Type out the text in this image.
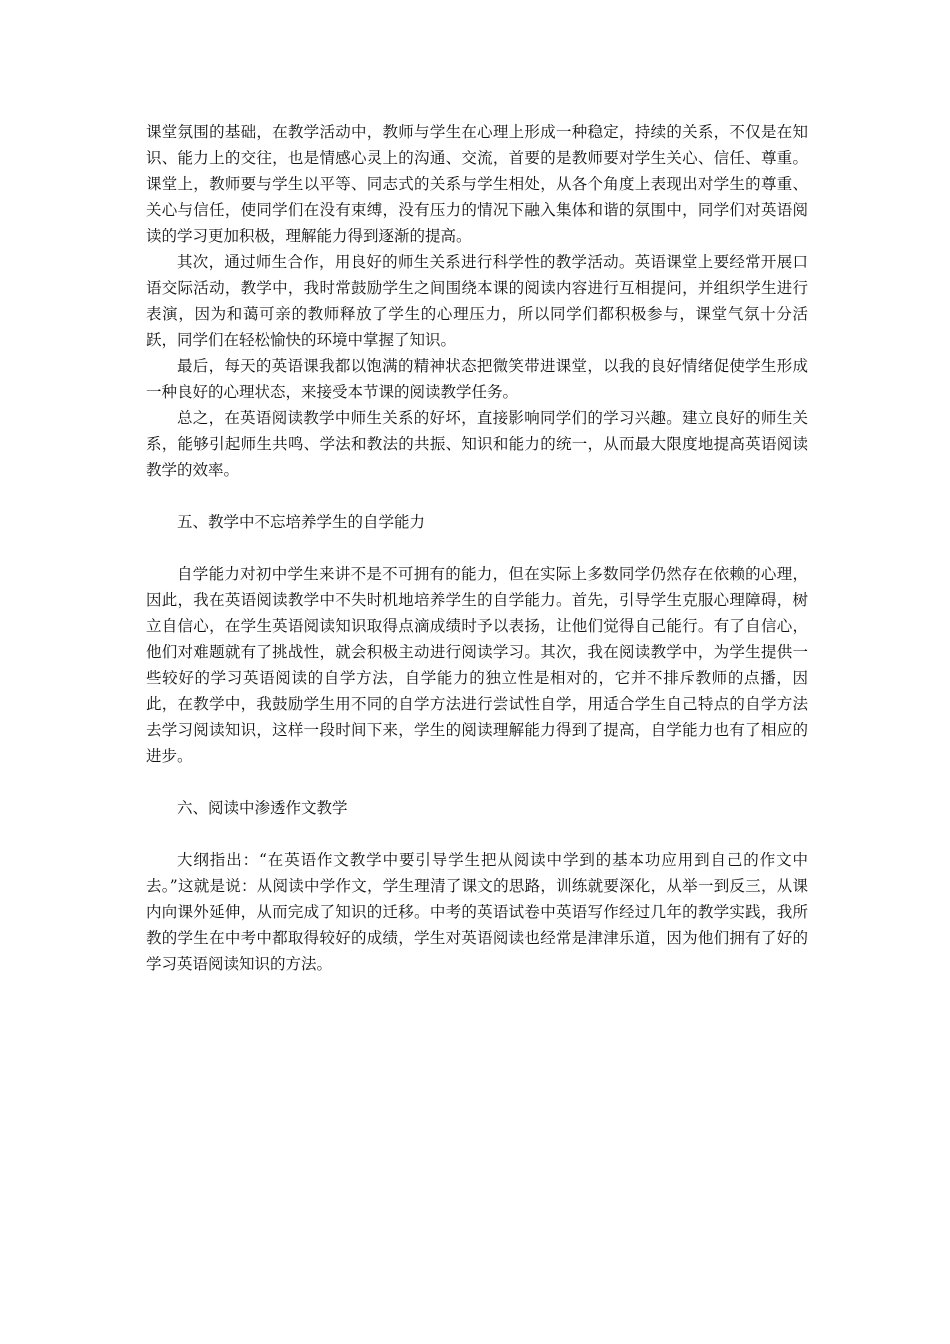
课堂氛围的基础，在教学活动中，教师与学生在心理上形成一种稳定，持续的关系，不仅是在知识、能力上的交往，也是情感心灵上的沟通、交流，首要的是教师要对学生关心、信任、尊重。课堂上，教师要与学生以平等、同志式的关系与学生相处，从各个角度上表现出对学生的尊重、关心与信任，使同学们在没有束缚，没有压力的情况下融入集体和谐的氛围中，同学们对英语阅读的学习更加积极，理解能力得到逐渐的提高。

其次，通过师生合作，用良好的师生关系进行科学性的教学活动。英语课堂上要经常开展口语交际活动，教学中，我时常鼓励学生之间围绕本课的阅读内容进行互相提问，并组织学生进行表演，因为和蔼可亲的教师释放了学生的心理压力，所以同学们都积极参与，课堂气氛十分活跃，同学们在轻松愉快的环境中掌握了知识。

最后，每天的英语课我都以饱满的精神状态把微笑带进课堂，以我的良好情绪促使学生形成一种良好的心理状态，来接受本节课的阅读教学任务。

总之，在英语阅读教学中师生关系的好坏，直接影响同学们的学习兴趣。建立良好的师生关系，能够引起师生共鸣、学法和教法的共振、知识和能力的统一，从而最大限度地提高英语阅读教学的效率。

五、教学中不忘培养学生的自学能力

自学能力对初中学生来讲不是不可拥有的能力，但在实际上多数同学仍然存在依赖的心理，因此，我在英语阅读教学中不失时机地培养学生的自学能力。首先，引导学生克服心理障碍，树立自信心，在学生英语阅读知识取得点滴成绩时予以表扬，让他们觉得自己能行。有了自信心，他们对难题就有了挑战性，就会积极主动进行阅读学习。其次，我在阅读教学中，为学生提供一些较好的学习英语阅读的自学方法，自学能力的独立性是相对的，它并不排斥教师的点播，因此，在教学中，我鼓励学生用不同的自学方法进行尝试性自学，用适合学生自己特点的自学方法去学习阅读知识，这样一段时间下来，学生的阅读理解能力得到了提高，自学能力也有了相应的进步。

六、阅读中渗透作文教学

大纲指出：“在英语作文教学中要引导学生把从阅读中学到的基本功应用到自己的作文中去。”这就是说：从阅读中学作文，学生理清了课文的思路，训练就要深化，从举一到反三，从课内向课外延伸，从而完成了知识的迁移。中考的英语试卷中英语写作经过几年的教学实践，我所教的学生在中考中都取得较好的成绩，学生对英语阅读也经常是津津乐道，因为他们拥有了好的学习英语阅读知识的方法。
